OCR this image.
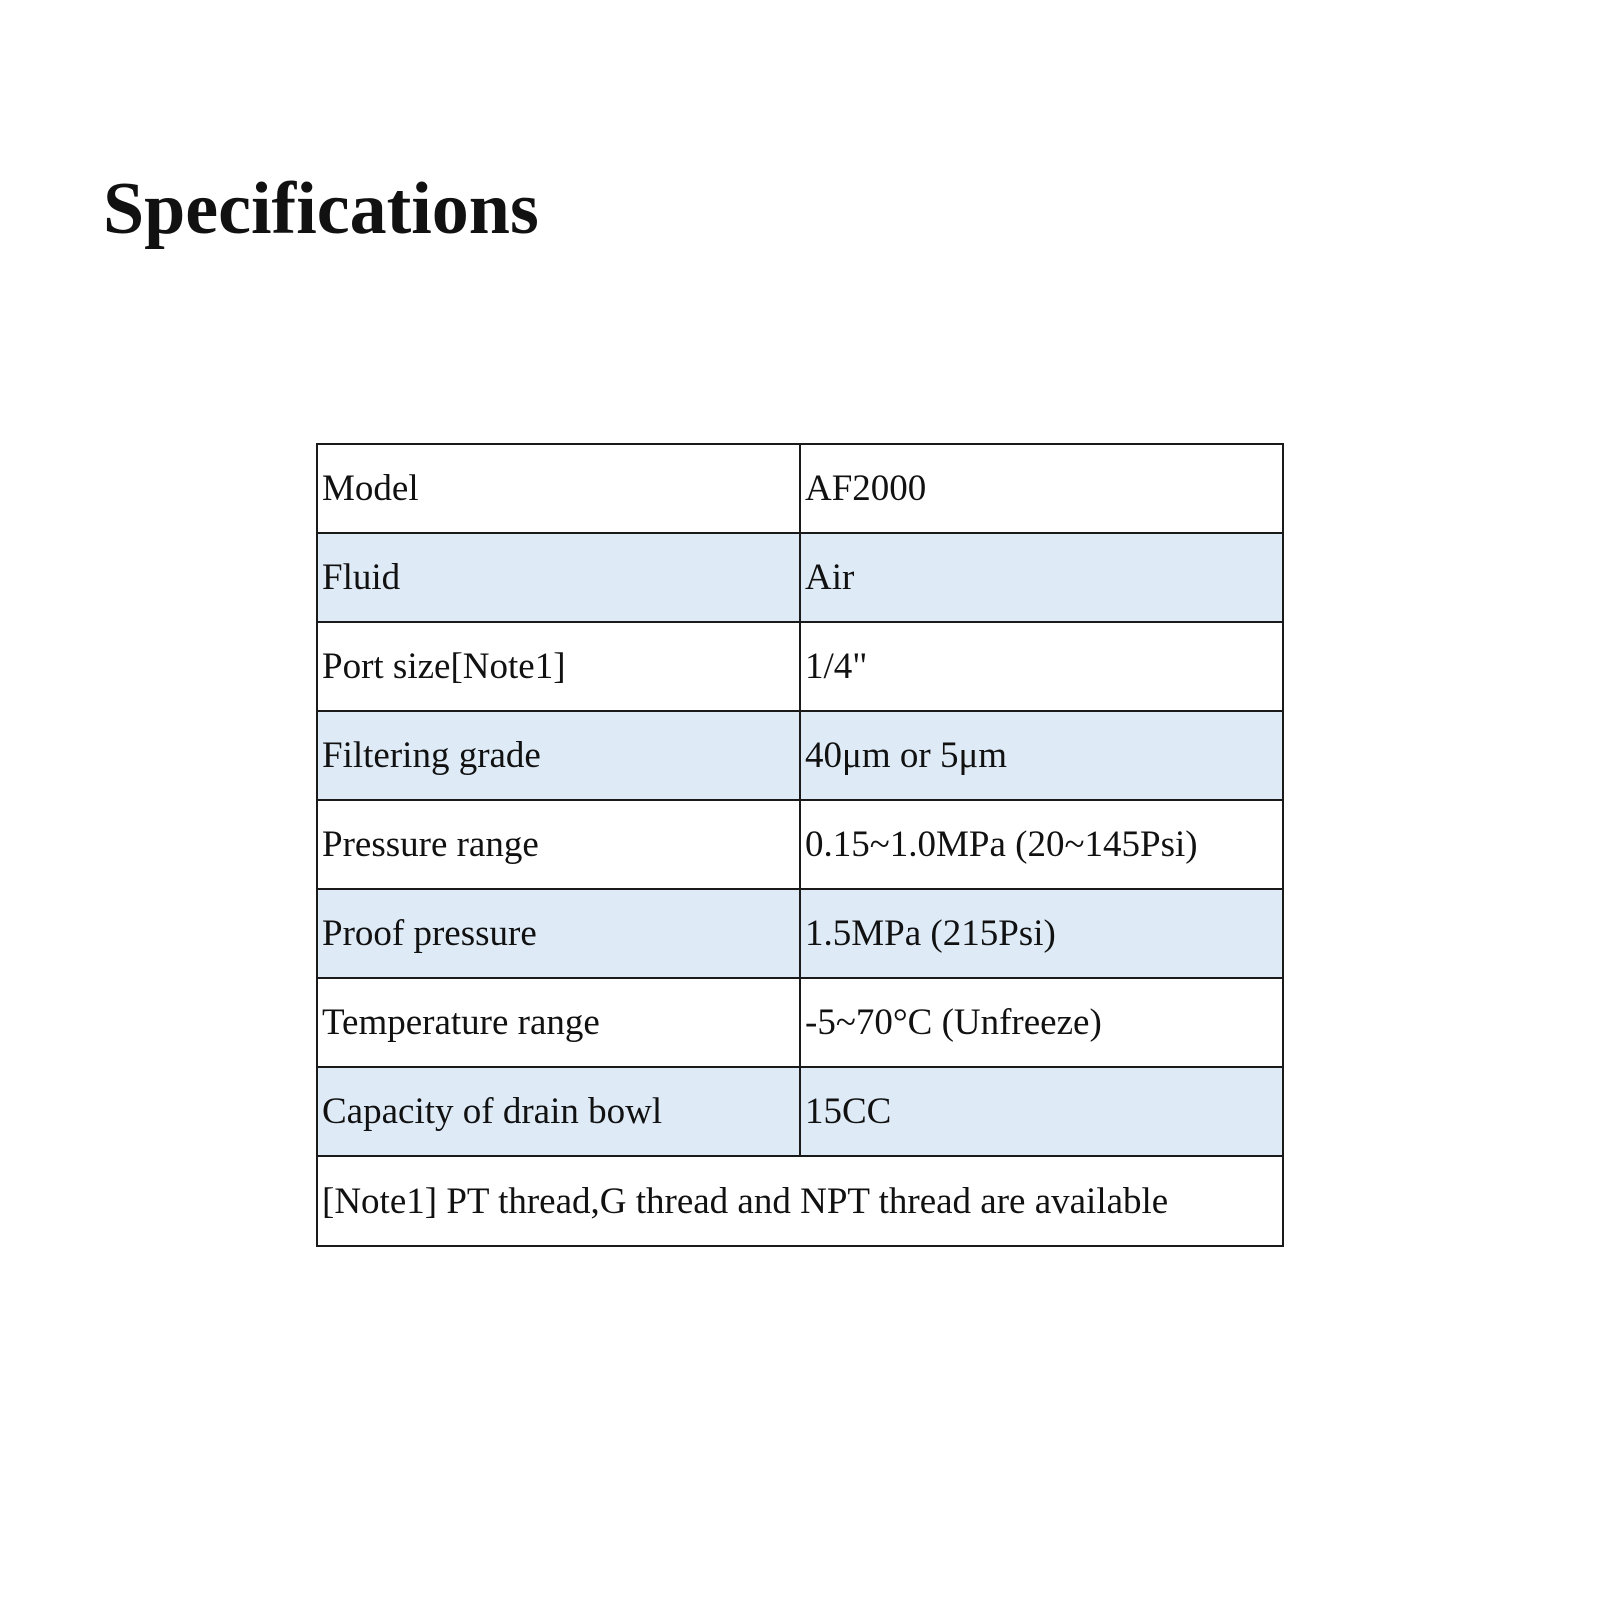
Specifications
Model	AF2000
Fluid	Air
Port size[Note1]	1/4"
Filtering grade	40μm or 5μm
Pressure range	0.15~1.0MPa (20~145Psi)
Proof pressure	1.5MPa (215Psi)
Temperature range	-5~70°C (Unfreeze)
Capacity of drain bowl	15CC
[Note1] PT thread,G thread and NPT thread are available	
